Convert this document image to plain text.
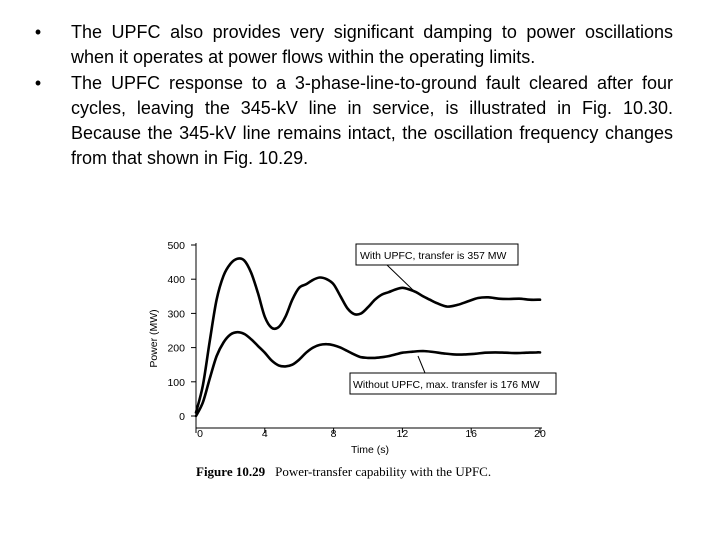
•	The UPFC also provides very significant damping to power oscillations when it operates at power flows within the operating limits.
•	The UPFC response to a 3-phase-line-to-ground fault cleared after four cycles, leaving the 345-kV line in service, is illustrated in Fig. 10.30. Because the 345-kV line remains intact, the oscillation frequency changes from that shown in Fig. 10.29.
0
100
200
300
400
500
0	4	8	12	16	20
Time (s)
Power (MW)
With UPFC, transfer is 357 MW
Without UPFC, max. transfer is 176 MW
Figure 10.29 Power-transfer capability with the UPFC.
